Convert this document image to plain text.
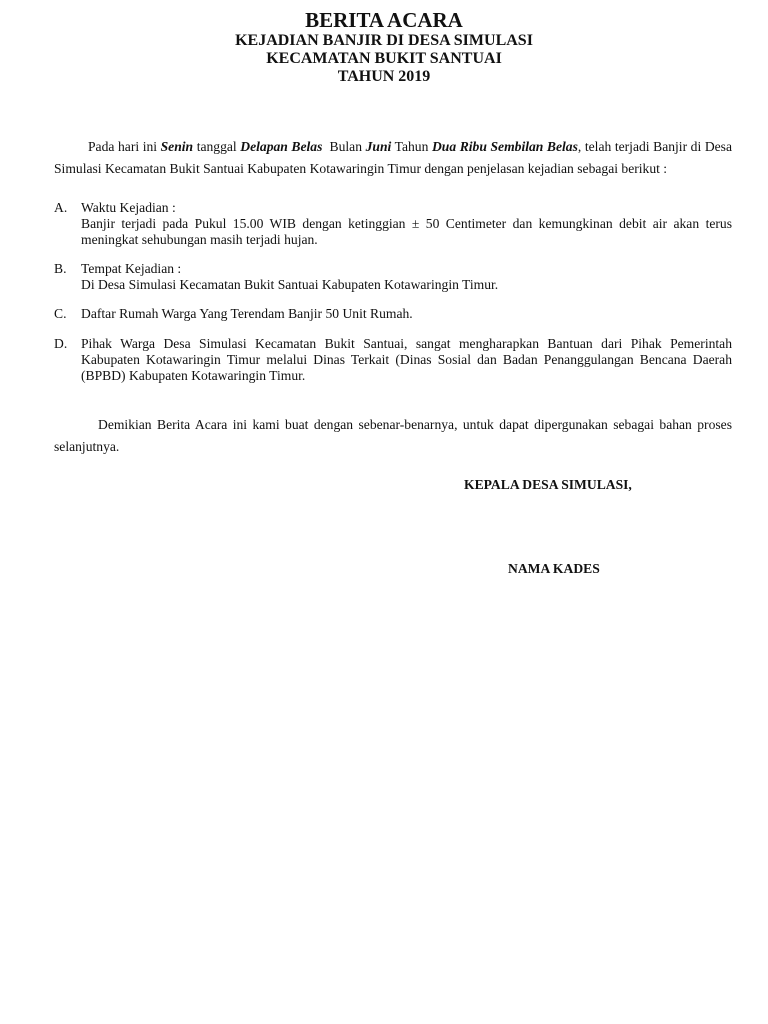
BERITA ACARA
KEJADIAN BANJIR DI DESA SIMULASI
KECAMATAN BUKIT SANTUAI
TAHUN 2019
Pada hari ini Senin tanggal Delapan Belas  Bulan Juni Tahun Dua Ribu Sembilan Belas, telah terjadi Banjir di Desa Simulasi Kecamatan Bukit Santuai Kabupaten Kotawaringin Timur dengan penjelasan kejadian sebagai berikut :
A.	Waktu Kejadian :
Banjir terjadi pada Pukul 15.00 WIB dengan ketinggian ± 50 Centimeter dan kemungkinan debit air akan terus meningkat sehubungan masih terjadi hujan.
B.	Tempat Kejadian :
Di Desa Simulasi Kecamatan Bukit Santuai Kabupaten Kotawaringin Timur.
C.	Daftar Rumah Warga Yang Terendam Banjir 50 Unit Rumah.
D.	Pihak Warga Desa Simulasi Kecamatan Bukit Santuai, sangat mengharapkan Bantuan dari Pihak Pemerintah Kabupaten Kotawaringin Timur melalui Dinas Terkait (Dinas Sosial dan Badan Penanggulangan Bencana Daerah (BPBD) Kabupaten Kotawaringin Timur.
Demikian Berita Acara ini kami buat dengan sebenar-benarnya, untuk dapat dipergunakan sebagai bahan proses selanjutnya.
KEPALA DESA SIMULASI,
NAMA KADES
